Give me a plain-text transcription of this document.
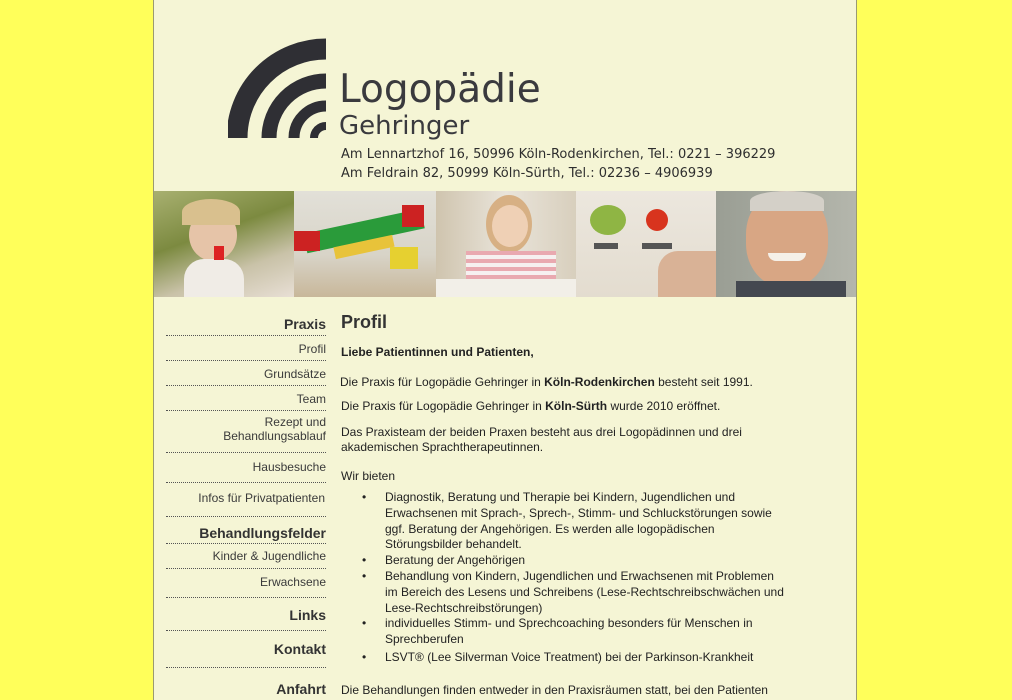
Logopädie
Gehringer
Am Lennartzhof 16, 50996 Köln-Rodenkirchen, Tel.: 0221 – 396229
Am Feldrain 82, 50999 Köln-Sürth, Tel.: 02236 – 4906939
Praxis
Profil
Grundsätze
Team
Rezept und Behandlungsablauf
Hausbesuche
Infos für Privatpatienten
Behandlungsfelder
Kinder & Jugendliche
Erwachsene
Links
Kontakt
Anfahrt
Profil

Liebe Patientinnen und Patienten,

Die Praxis für Logopädie Gehringer in Köln-Rodenkirchen besteht seit 1991.

Die Praxis für Logopädie Gehringer in Köln-Sürth wurde 2010 eröffnet.

Das Praxisteam der beiden Praxen besteht aus drei Logopädinnen und drei akademischen Sprachtherapeutinnen.

Wir bieten

• Diagnostik, Beratung und Therapie bei Kindern, Jugendlichen und Erwachsenen mit Sprach-, Sprech-, Stimm- und Schluckstörungen sowie ggf. Beratung der Angehörigen. Es werden alle logopädischen Störungsbilder behandelt.
• Beratung der Angehörigen
• Behandlung von Kindern, Jugendlichen und Erwachsenen mit Problemen im Bereich des Lesens und Schreibens (Lese-Rechtschreibschwächen und Lese-Rechtschreibstörungen)
• individuelles Stimm- und Sprechcoaching besonders für Menschen in Sprechberufen
• LSVT® (Lee Silverman Voice Treatment) bei der Parkinson-Krankheit

Die Behandlungen finden entweder in den Praxisräumen statt, bei den Patienten
